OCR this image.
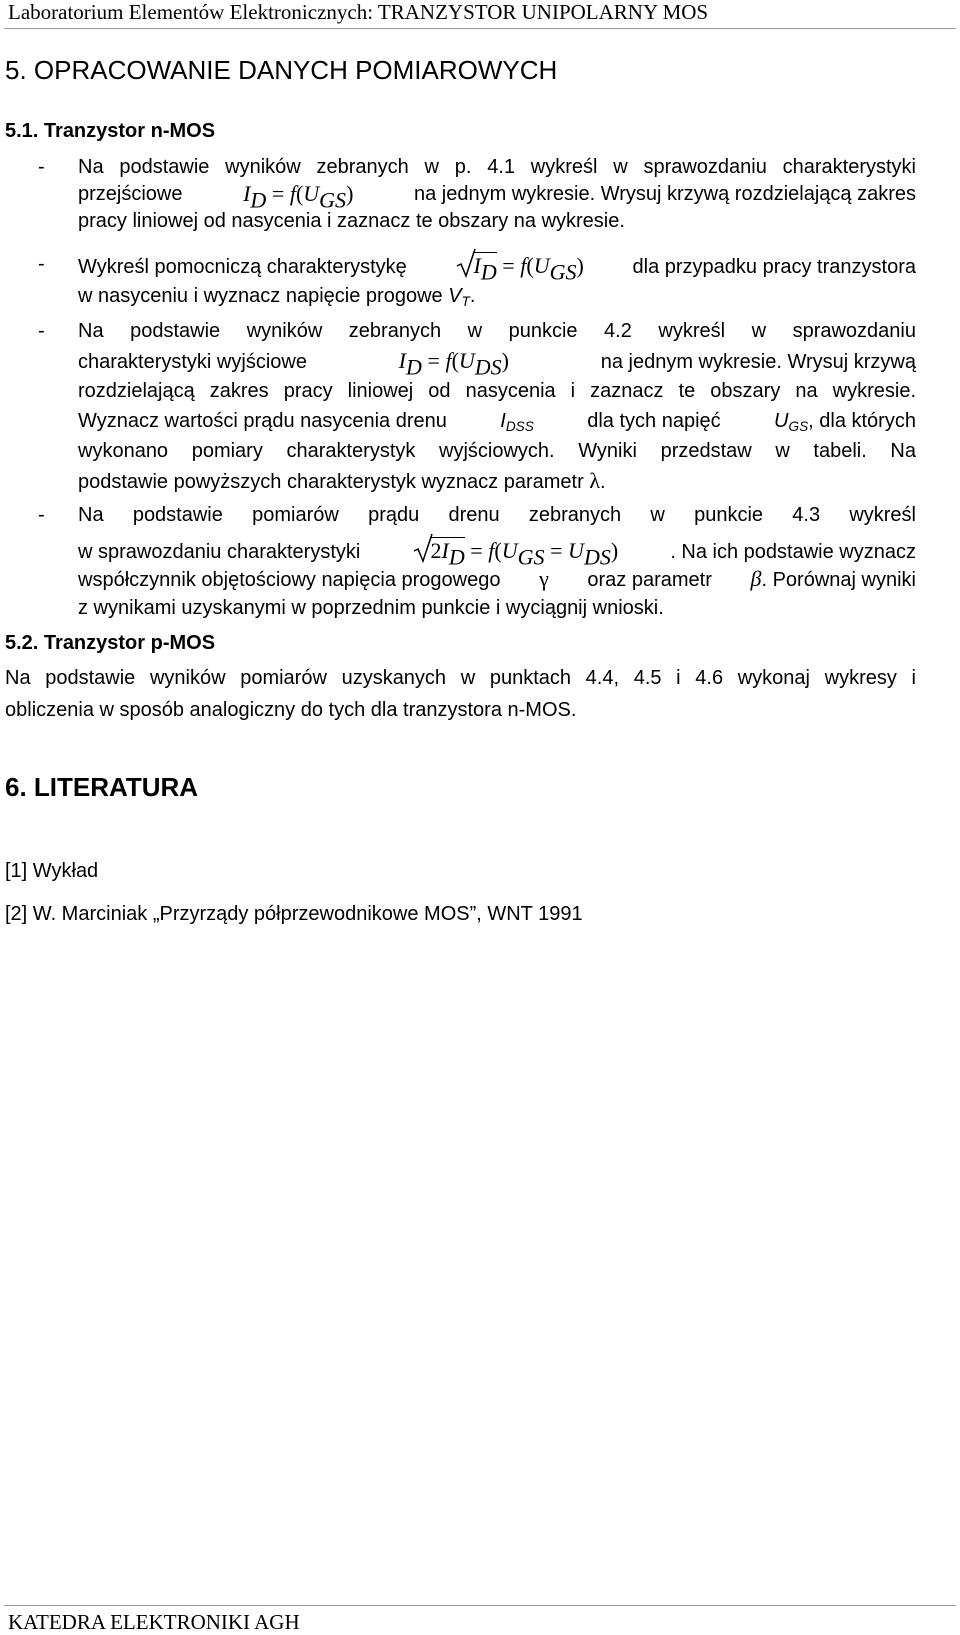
Laboratorium Elementów Elektronicznych: TRANZYSTOR UNIPOLARNY MOS
5. OPRACOWANIE DANYCH POMIAROWYCH
5.1. Tranzystor n-MOS
- Na podstawie wyników zebranych w p. 4.1 wykreśl w sprawozdaniu charakterystyki
przejściowe	$I_D = f(U_{GS})$	na jednym wykresie. Wrysuj krzywą rozdzielającą zakres
pracy liniowej od nasycenia i zaznacz te obszary na wykresie.
- Wykreśl pomocniczą charakterystykę	$I_D = f(U_{GS})$ dla przypadku pracy tranzystora
w nasyceniu i wyznacz napięcie progowe $V_T$.
- Na podstawie wyników zebranych w punkcie 4.2 wykreśl w sprawozdaniu
charakterystyki wyjściowe	$I_D = f(U_{DS})$	na jednym wykresie. Wrysuj krzywą
rozdzielającą zakres pracy liniowej od nasycenia i zaznacz te obszary na wykresie.
Wyznacz wartości prądu nasycenia drenu	$I_{DSS}$	dla tych napięć	$U_{GS}$, dla których
wykonano pomiary charakterystyk wyjściowych. Wyniki przedstaw w tabeli. Na
podstawie powyższych charakterystyk wyznacz parametr λ.
- Na podstawie pomiarów prądu drenu zebranych w punkcie 4.3 wykreśl
w sprawozdaniu charakterystyki	$2I_D = f(U_{GS} = U_{DS})$	. Na ich podstawie wyznacz
współczynnik objętościowy napięcia progowego γ oraz parametr β. Porównaj wyniki
z wynikami uzyskanymi w poprzednim punkcie i wyciągnij wnioski.
5.2. Tranzystor p-MOS
Na podstawie wyników pomiarów uzyskanych w punktach 4.4, 4.5 i 4.6 wykonaj wykresy i
obliczenia w sposób analogiczny do tych dla tranzystora n-MOS.
6. LITERATURA
[1] Wykład
[2] W. Marciniak „Przyrządy półprzewodnikowe MOS”, WNT 1991
KATEDRA ELEKTRONIKI AGH
